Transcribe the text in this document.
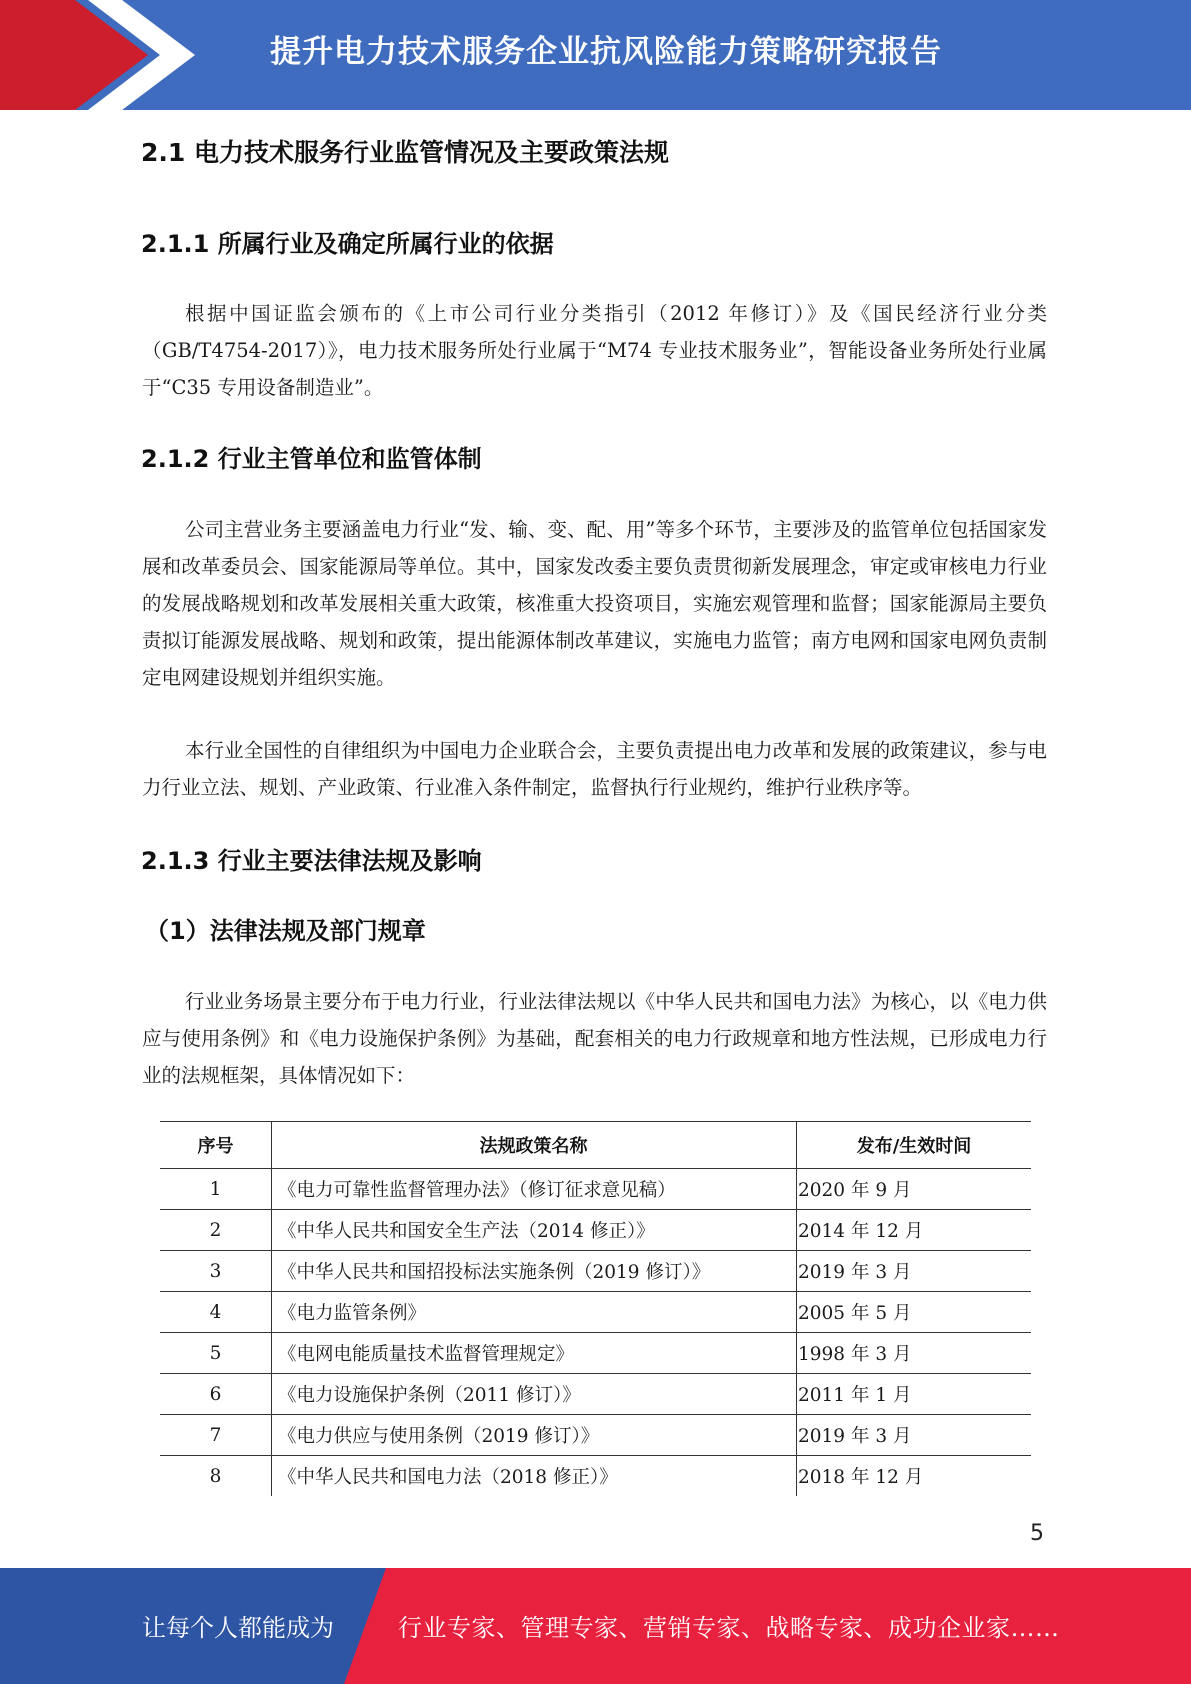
提升电力技术服务企业抗风险能力策略研究报告
2.1 电力技术服务行业监管情况及主要政策法规
2.1.1 所属行业及确定所属行业的依据

根据中国证监会颁布的《上市公司行业分类指引（2012 年修订）》及《国民经济行业分类（GB/T4754-2017）》，电力技术服务所处行业属于“M74 专业技术服务业”，智能设备业务所处行业属于“C35 专用设备制造业”。

2.1.2 行业主管单位和监管体制

公司主营业务主要涵盖电力行业“发、输、变、配、用”等多个环节，主要涉及的监管单位包括国家发展和改革委员会、国家能源局等单位。其中，国家发改委主要负责贯彻新发展理念，审定或审核电力行业的发展战略规划和改革发展相关重大政策，核准重大投资项目，实施宏观管理和监督；国家能源局主要负责拟订能源发展战略、规划和政策，提出能源体制改革建议，实施电力监管；南方电网和国家电网负责制定电网建设规划并组织实施。

本行业全国性的自律组织为中国电力企业联合会，主要负责提出电力改革和发展的政策建议，参与电力行业立法、规划、产业政策、行业准入条件制定，监督执行行业规约，维护行业秩序等。

2.1.3 行业主要法律法规及影响
（1）法律法规及部门规章

行业业务场景主要分布于电力行业，行业法律法规以《中华人民共和国电力法》为核心，以《电力供应与使用条例》和《电力设施保护条例》为基础，配套相关的电力行政规章和地方性法规，已形成电力行业的法规框架，具体情况如下：

序号	法规政策名称	发布/生效时间
1	《电力可靠性监督管理办法》（修订征求意见稿）	2020 年 9 月
2	《中华人民共和国安全生产法（2014 修正）》	2014 年 12 月
3	《中华人民共和国招投标法实施条例（2019 修订）》	2019 年 3 月
4	《电力监管条例》	2005 年 5 月
5	《电网电能质量技术监督管理规定》	1998 年 3 月
6	《电力设施保护条例（2011 修订）》	2011 年 1 月
7	《电力供应与使用条例（2019 修订）》	2019 年 3 月
8	《中华人民共和国电力法（2018 修正）》	2018 年 12 月
5
让每个人都能成为	行业专家、管理专家、营销专家、战略专家、成功企业家……
